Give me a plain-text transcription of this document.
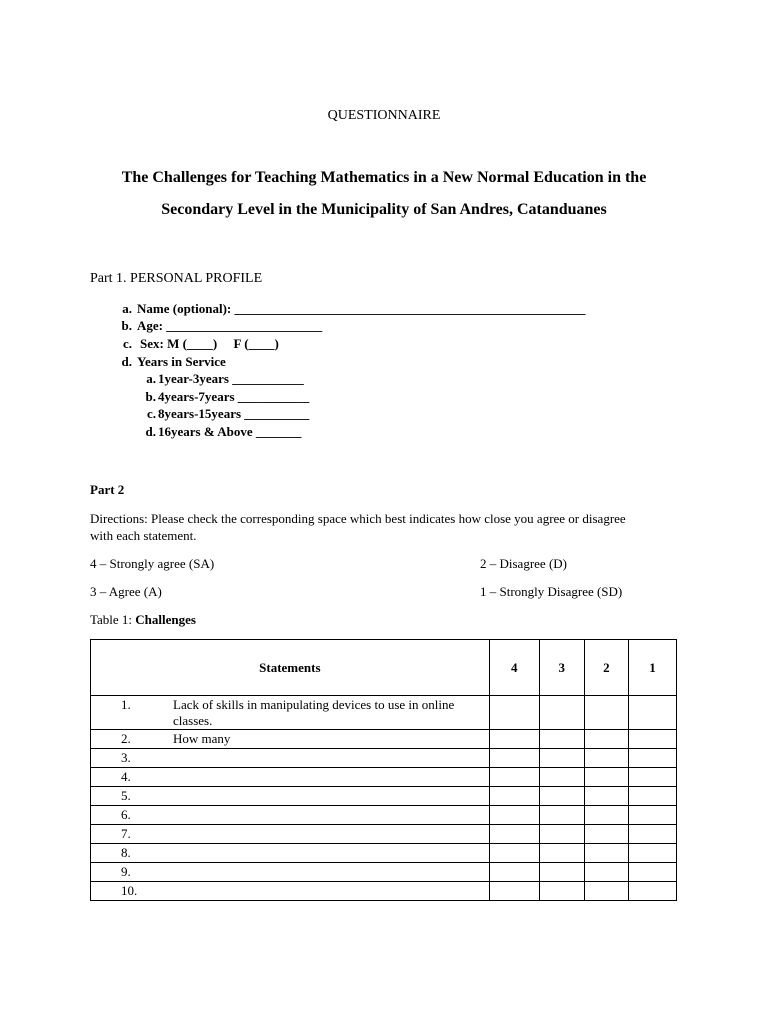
QUESTIONNAIRE
The Challenges for Teaching Mathematics in a New Normal Education in the
Secondary Level in the Municipality of San Andres, Catanduanes
Part 1. PERSONAL PROFILE
a. Name (optional): ______________________________________________________
b. Age: ________________________
c. Sex: M (____)     F (____)
d. Years in Service
a. 1year-3years ___________
b. 4years-7years ___________
c. 8years-15years __________
d. 16years & Above _______
Part 2
Directions: Please check the corresponding space which best indicates how close you agree or disagree
with each statement.
4 – Strongly agree (SA)	2 – Disagree (D)
3 – Agree (A)	1 – Strongly Disagree (SD)
Table 1: Challenges
Statements	4	3	2	1

1. Lack of skills in manipulating devices to use in online classes.				

2. How many				

3.				

4.				

5.				

6.				

7.				

8.				

9.				

10.				
